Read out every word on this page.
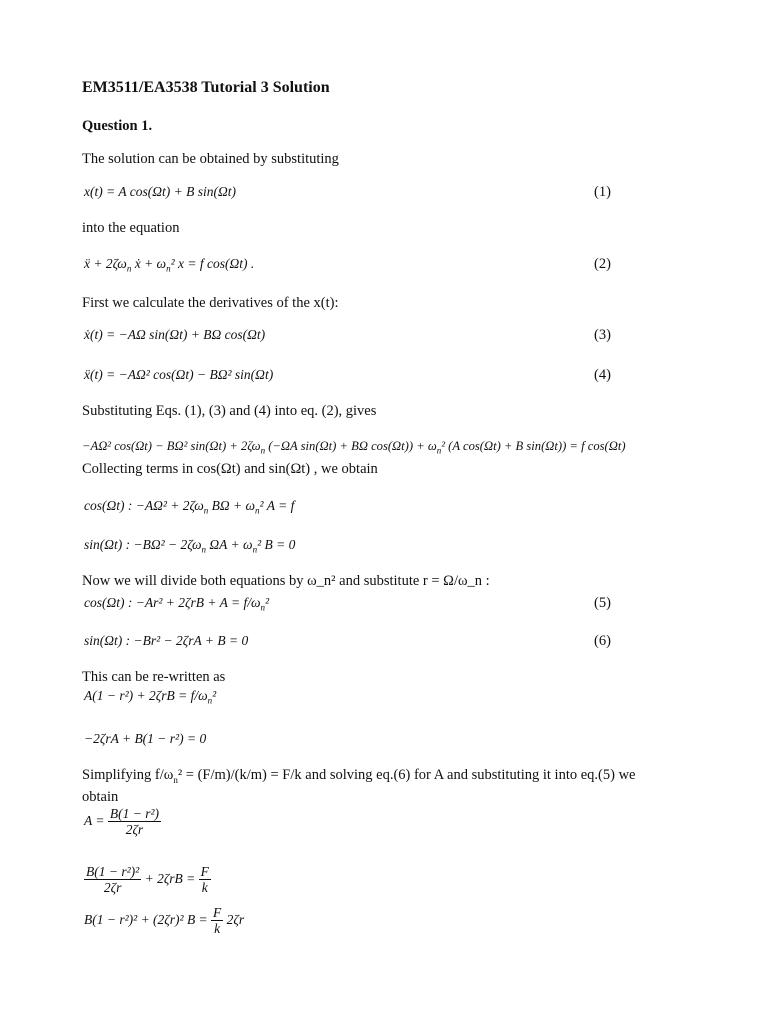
EM3511/EA3538 Tutorial 3 Solution
Question 1.
The solution can be obtained by substituting
x(t) = A cos(Ωt) + B sin(Ωt)	(1)
into the equation
ẍ + $2\zeta\omega_n$ ẋ + $\omega_n^2$ x = f cos(Ωt) .	(2)
First we calculate the derivatives of the x(t):
ẋ(t) = −AΩ sin(Ωt) + BΩ cos(Ωt)	(3)
ẍ(t) = −AΩ² cos(Ωt) − BΩ² sin(Ωt)	(4)
Substituting Eqs. (1), (3) and (4) into eq. (2), gives
−AΩ² cos(Ωt) − BΩ² $\sin(\Omega t) + 2\zeta\omega_n$ (−ΩA sin(Ωt) + BΩ $\cos(\Omega t)) + \omega_n^2$ (A cos(Ωt) + B sin(Ωt)) = f cos(Ωt)
Collecting terms in cos(Ωt) and sin(Ωt) , we obtain
cos(Ωt) : $-A\Omega^2 + 2\zeta\omega_n$ $B\Omega + \omega_n^2$ A = f
sin(Ωt) : $-B\Omega^2 - 2\zeta\omega_n$ $\Omega A + \omega_n^2$ B = 0
Now we will divide both equations by ω_n² and substitute r = Ω/ω_n :
cos(Ωt) : $-Ar^2 + 2\zeta rB + A = f/\omega_n^2$	(5)
sin(Ωt) : −Br² − 2ζrA + B = 0	(6)
This can be re-written as
$A(1 - r^2) + 2\zeta rB = f/\omega_n^2$
−2ζrA + B(1 − r²) = 0
Simplifying $f/\omega_n^2 = (F/m)/(k/m) = F/k$ and solving eq.(6) for A and substituting it into eq.(5) we
obtain
$A = \frac{\text{B(1 − r²)}}{2\zeta r}$
$\frac{\text{B(1 − r²)²}}{2\zeta r} + 2\zeta rB = \frac{F}{k}$
B(1 − r²)² + (2ζr)² $B = \frac{F}{k} 2\zeta r$
